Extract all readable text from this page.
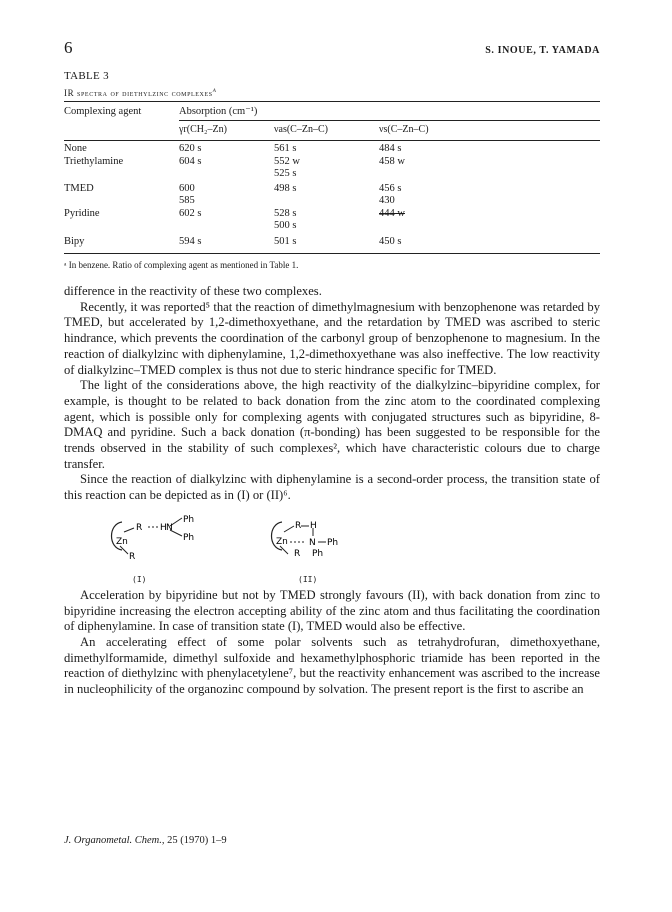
6	S. INOUE, T. YAMADA
TABLE 3
IR spectra of diethylzinc complexes$^a$
Complexing agent	Absorption (cm⁻¹)		
	γr(CH₂–Zn)	νas(C–Zn–C)	νs(C–Zn–C)
None	620 s	561 s	484 s
Triethylamine	604 s	552 w	458 w
		525 s	
TMED	600	498 s	456 s
	585		430
Pyridine	602 s	528 s	444 w
		500 s	
Bipy	594 s	501 s	450 s
ᵃ In benzene. Ratio of complexing agent as mentioned in Table 1.

difference in the reactivity of these two complexes.

Recently, it was reported⁵ that the reaction of dimethylmagnesium with benzophenone was retarded by TMED, but accelerated by 1,2-dimethoxyethane, and the retardation by TMED was ascribed to steric hindrance, which prevents the coordination of the carbonyl group of benzophenone to magnesium. In the reaction of dialkylzinc with diphenylamine, 1,2-dimethoxyethane was also ineffective. The low reactivity of dialkylzinc–TMED complex is thus not due to steric hindrance specific for TMED.

The light of the considerations above, the high reactivity of the dialkylzinc–bipyridine complex, for example, is thought to be related to back donation from the zinc atom to the coordinated complexing agent, which is possible only for complexing agents with conjugated structures such as bipyridine, 8-DMAQ and pyridine. Such a back donation (π-bonding) has been suggested to be responsible for the trends observed in the stability of such complexes², which have characteristic colours due to charge transfer.

Since the reaction of dialkylzinc with diphenylamine is a second-order process, the transition state of this reaction can be depicted as in (I) or (II)⁶.

Zn
R H N
Ph
Ph
R
(I)
Zn
R H
N Ph
Ph
R
(II)

Acceleration by bipyridine but not by TMED strongly favours (II), with back donation from zinc to bipyridine increasing the electron accepting ability of the zinc atom and thus facilitating the coordination of diphenylamine. In case of transition state (I), TMED would also be effective.

An accelerating effect of some polar solvents such as tetrahydrofuran, dimethoxyethane, dimethylformamide, dimethyl sulfoxide and hexamethylphosphoric triamide has been reported in the reaction of diethylzinc with phenylacetylene⁷, but the reactivity enhancement was ascribed to the increase in nucleophilicity of the organozinc compound by solvation. The present report is the first to ascribe an

J. Organometal. Chem., 25 (1970) 1–9
